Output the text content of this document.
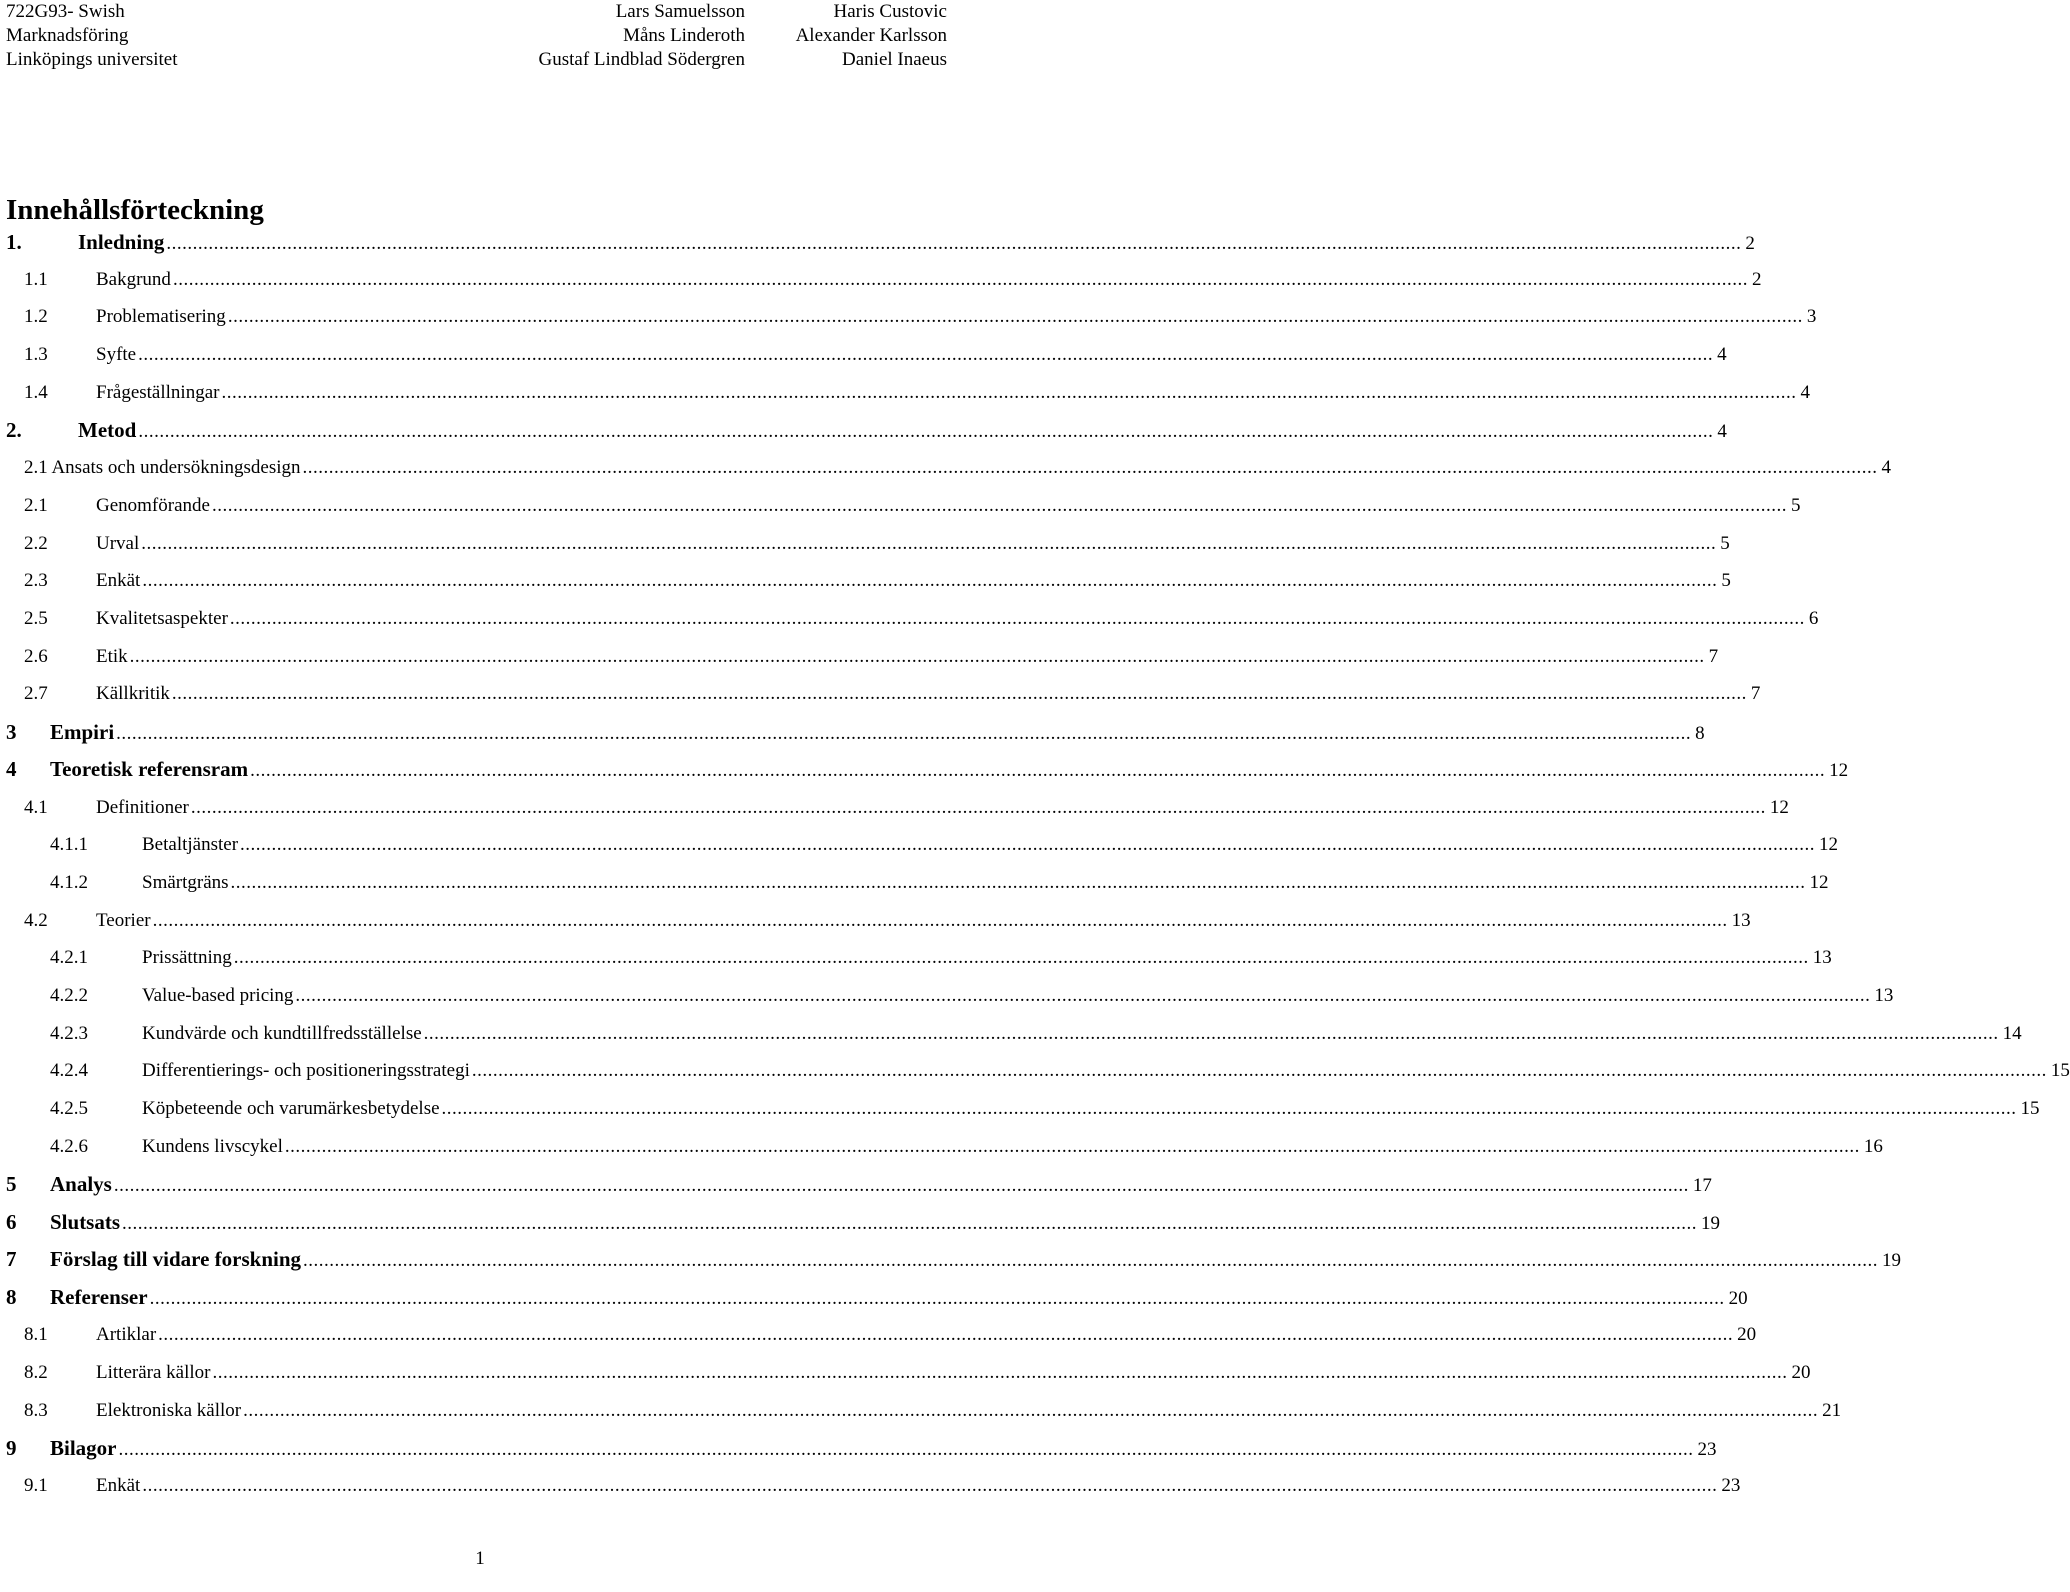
722G93- Swish
Marknadsföring
Linköpings universitet
Lars Samuelsson
Måns Linderoth
Gustaf Lindblad Södergren
Haris Custovic
Alexander Karlsson
Daniel Inaeus
Innehållsförteckning
1.	Inledning ............................................................................................................................................................................................................................................................................................................ 2
1.1	Bakgrund ............................................................................................................................................................................................................................................................................................................ 2
1.2	Problematisering ............................................................................................................................................................................................................................................................................................................ 3
1.3	Syfte ............................................................................................................................................................................................................................................................................................................ 4
1.4	Frågeställningar ............................................................................................................................................................................................................................................................................................................ 4
2.	Metod ............................................................................................................................................................................................................................................................................................................ 4
2.1 Ansats och undersökningsdesign ............................................................................................................................................................................................................................................................................................................ 4
2.1	Genomförande ............................................................................................................................................................................................................................................................................................................ 5
2.2	Urval ............................................................................................................................................................................................................................................................................................................ 5
2.3	Enkät ............................................................................................................................................................................................................................................................................................................ 5
2.5	Kvalitetsaspekter ............................................................................................................................................................................................................................................................................................................ 6
2.6	Etik ............................................................................................................................................................................................................................................................................................................ 7
2.7	Källkritik ............................................................................................................................................................................................................................................................................................................ 7
3 Empiri ............................................................................................................................................................................................................................................................................................................ 8
4 Teoretisk referensram ............................................................................................................................................................................................................................................................................................................ 12
4.1	Definitioner ............................................................................................................................................................................................................................................................................................................ 12
4.1.1	Betaltjänster ............................................................................................................................................................................................................................................................................................................ 12
4.1.2	Smärtgräns ............................................................................................................................................................................................................................................................................................................ 12
4.2	Teorier ............................................................................................................................................................................................................................................................................................................ 13
4.2.1	Prissättning ............................................................................................................................................................................................................................................................................................................ 13
4.2.2	Value-based pricing ............................................................................................................................................................................................................................................................................................................ 13
4.2.3	Kundvärde och kundtillfredsställelse ............................................................................................................................................................................................................................................................................................................ 14
4.2.4	Differentierings- och positioneringsstrategi ............................................................................................................................................................................................................................................................................................................ 15
4.2.5	Köpbeteende och varumärkesbetydelse ............................................................................................................................................................................................................................................................................................................ 15
4.2.6	Kundens livscykel ............................................................................................................................................................................................................................................................................................................ 16
5 Analys ............................................................................................................................................................................................................................................................................................................ 17
6 Slutsats ............................................................................................................................................................................................................................................................................................................ 19
7 Förslag till vidare forskning ............................................................................................................................................................................................................................................................................................................ 19
8 Referenser ............................................................................................................................................................................................................................................................................................................ 20
8.1	Artiklar ............................................................................................................................................................................................................................................................................................................ 20
8.2	Litterära källor ............................................................................................................................................................................................................................................................................................................ 20
8.3	Elektroniska källor ............................................................................................................................................................................................................................................................................................................ 21
9 Bilagor ............................................................................................................................................................................................................................................................................................................ 23
9.1	Enkät ............................................................................................................................................................................................................................................................................................................ 23
1
